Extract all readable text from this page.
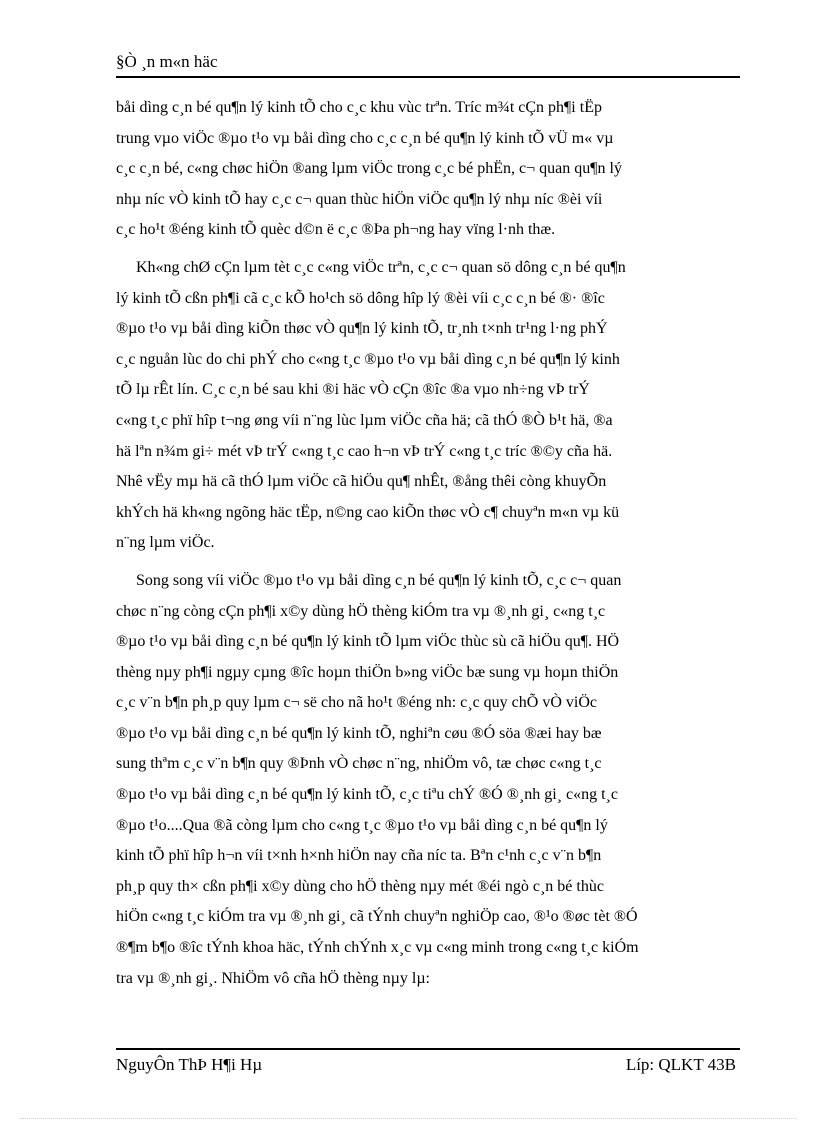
§Ò ¸n m«n häc
båi dìng c¸n bé qu¶n lý kinh tÕ cho c¸c khu vùc trªn. Tríc m¾t cÇn ph¶i tËp
trung vµo viÖc ®µo t¹o vµ båi dìng cho c¸c c¸n bé qu¶n lý kinh tÕ vÜ m« vµ
c¸c c¸n bé, c«ng chøc hiÖn ®ang lµm viÖc trong c¸c bé phËn, c¬ quan qu¶n lý
nhµ níc vÒ kinh tÕ hay c¸c c¬ quan thùc hiÖn viÖc qu¶n lý nhµ níc ®èi víi
c¸c ho¹t ®éng kinh tÕ quèc d©n ë c¸c ®Þa ph¬ng hay vïng l·nh thæ.
Kh«ng chØ cÇn lµm tèt c¸c c«ng viÖc trªn, c¸c c¬ quan sö dông c¸n bé qu¶n
lý kinh tÕ cßn ph¶i cã c¸c kÕ ho¹ch sö dông hîp lý ®èi víi c¸c c¸n bé ®· ®îc
®µo t¹o vµ båi dìng kiÕn thøc vÒ qu¶n lý kinh tÕ, tr¸nh t×nh tr¹ng l·ng phÝ
c¸c nguån lùc do chi phÝ cho c«ng t¸c ®µo t¹o vµ båi dìng c¸n bé qu¶n lý kinh
tÕ lµ rÊt lín. C¸c c¸n bé sau khi ®i häc vÒ cÇn ®îc ®a vµo nh÷ng vÞ trÝ
c«ng t¸c phï hîp t¬ng øng víi n¨ng lùc lµm viÖc cña hä; cã thÓ ®Ò b¹t hä, ®a
hä lªn n¾m gi÷ mét vÞ trÝ c«ng t¸c cao h¬n vÞ trÝ c«ng t¸c tríc ®©y cña hä.
Nhê vËy mµ hä cã thÓ lµm viÖc cã hiÖu qu¶ nhÊt, ®ång thêi còng khuyÕn
khÝch hä kh«ng ngõng häc tËp, n©ng cao kiÕn thøc vÒ c¶ chuyªn m«n vµ kü
n¨ng lµm viÖc.
Song song víi viÖc ®µo t¹o vµ båi dìng c¸n bé qu¶n lý kinh tÕ, c¸c c¬ quan
chøc n¨ng còng cÇn ph¶i x©y dùng hÖ thèng kiÓm tra vµ ®¸nh gi¸ c«ng t¸c
®µo t¹o vµ båi dìng c¸n bé qu¶n lý kinh tÕ lµm viÖc thùc sù cã hiÖu qu¶. HÖ
thèng nµy ph¶i ngµy cµng ®îc hoµn thiÖn b»ng viÖc bæ sung vµ hoµn thiÖn
c¸c v¨n b¶n ph¸p quy lµm c¬ së cho nã ho¹t ®éng nh: c¸c quy chÕ vÒ viÖc
®µo t¹o vµ båi dìng c¸n bé qu¶n lý kinh tÕ, nghiªn cøu ®Ó söa ®æi hay bæ
sung thªm c¸c v¨n b¶n quy ®Þnh vÒ chøc n¨ng, nhiÖm vô, tæ chøc c«ng t¸c
®µo t¹o vµ båi dìng c¸n bé qu¶n lý kinh tÕ, c¸c tiªu chÝ ®Ó ®¸nh gi¸ c«ng t¸c
®µo t¹o....Qua ®ã còng lµm cho c«ng t¸c ®µo t¹o vµ båi dìng c¸n bé qu¶n lý
kinh tÕ phï hîp h¬n víi t×nh h×nh hiÖn nay cña níc ta. Bªn c¹nh c¸c v¨n b¶n
ph¸p quy th× cßn ph¶i x©y dùng cho hÖ thèng nµy mét ®éi ngò c¸n bé thùc
hiÖn c«ng t¸c kiÓm tra vµ ®¸nh gi¸ cã tÝnh chuyªn nghiÖp cao, ®¹o ®øc tèt ®Ó
®¶m b¶o ®îc tÝnh khoa häc, tÝnh chÝnh x¸c vµ c«ng minh trong c«ng t¸c kiÓm
tra vµ ®¸nh gi¸. NhiÖm vô cña hÖ thèng nµy lµ:
NguyÔn ThÞ H¶i Hµ	Líp: QLKT 43B
